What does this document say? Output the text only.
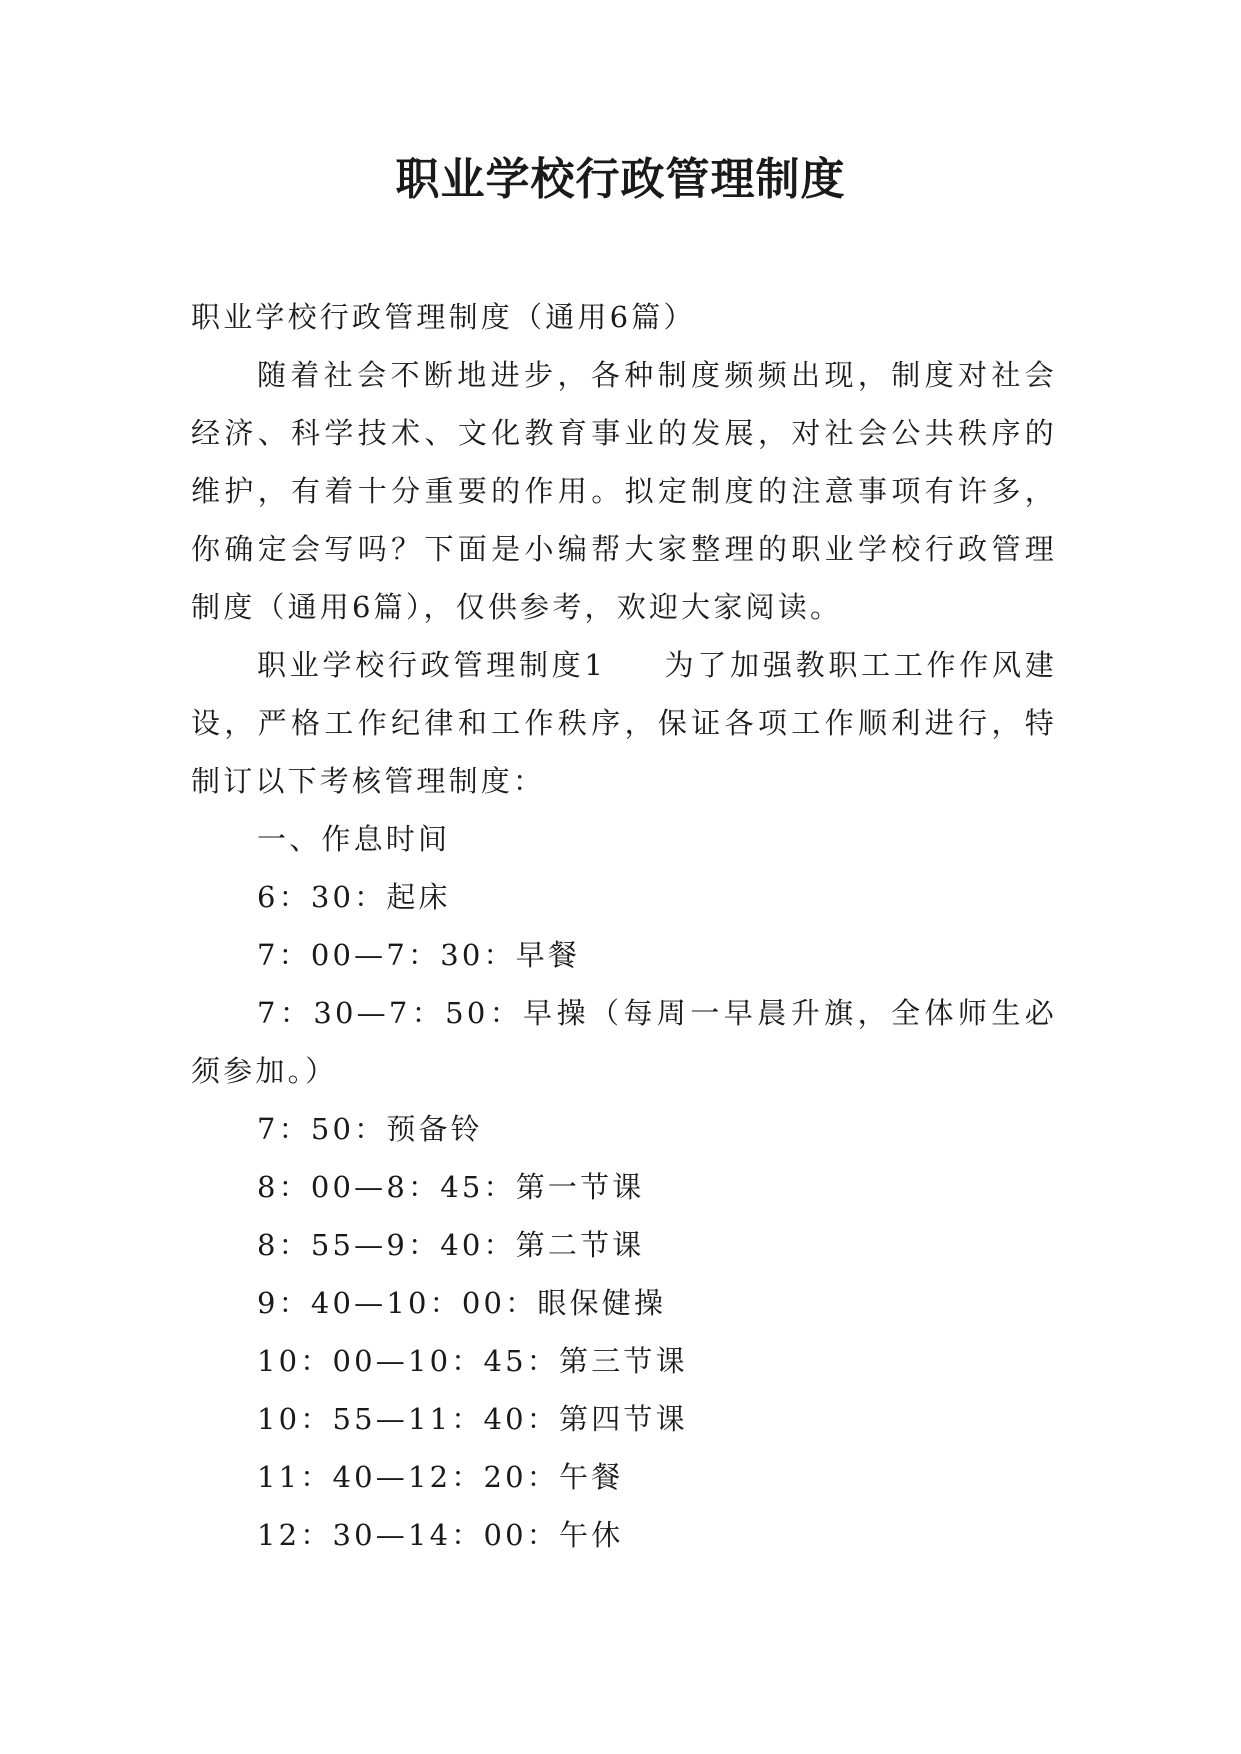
职业学校行政管理制度

职业学校行政管理制度（通用6篇）

随着社会不断地进步，各种制度频频出现，制度对社会经济、科学技术、文化教育事业的发展，对社会公共秩序的维护，有着十分重要的作用。拟定制度的注意事项有许多，你确定会写吗？下面是小编帮大家整理的职业学校行政管理制度（通用6篇），仅供参考，欢迎大家阅读。

职业学校行政管理制度1 为了加强教职工工作作风建设，严格工作纪律和工作秩序，保证各项工作顺利进行，特制订以下考核管理制度：

一、作息时间

6：30：起床

7：00—7：30：早餐

7：30—7：50：早操（每周一早晨升旗，全体师生必须参加。）

7：50：预备铃

8：00—8：45：第一节课

8：55—9：40：第二节课

9：40—10：00：眼保健操

10：00—10：45：第三节课

10：55—11：40：第四节课

11：40—12：20：午餐

12：30—14：00：午休
